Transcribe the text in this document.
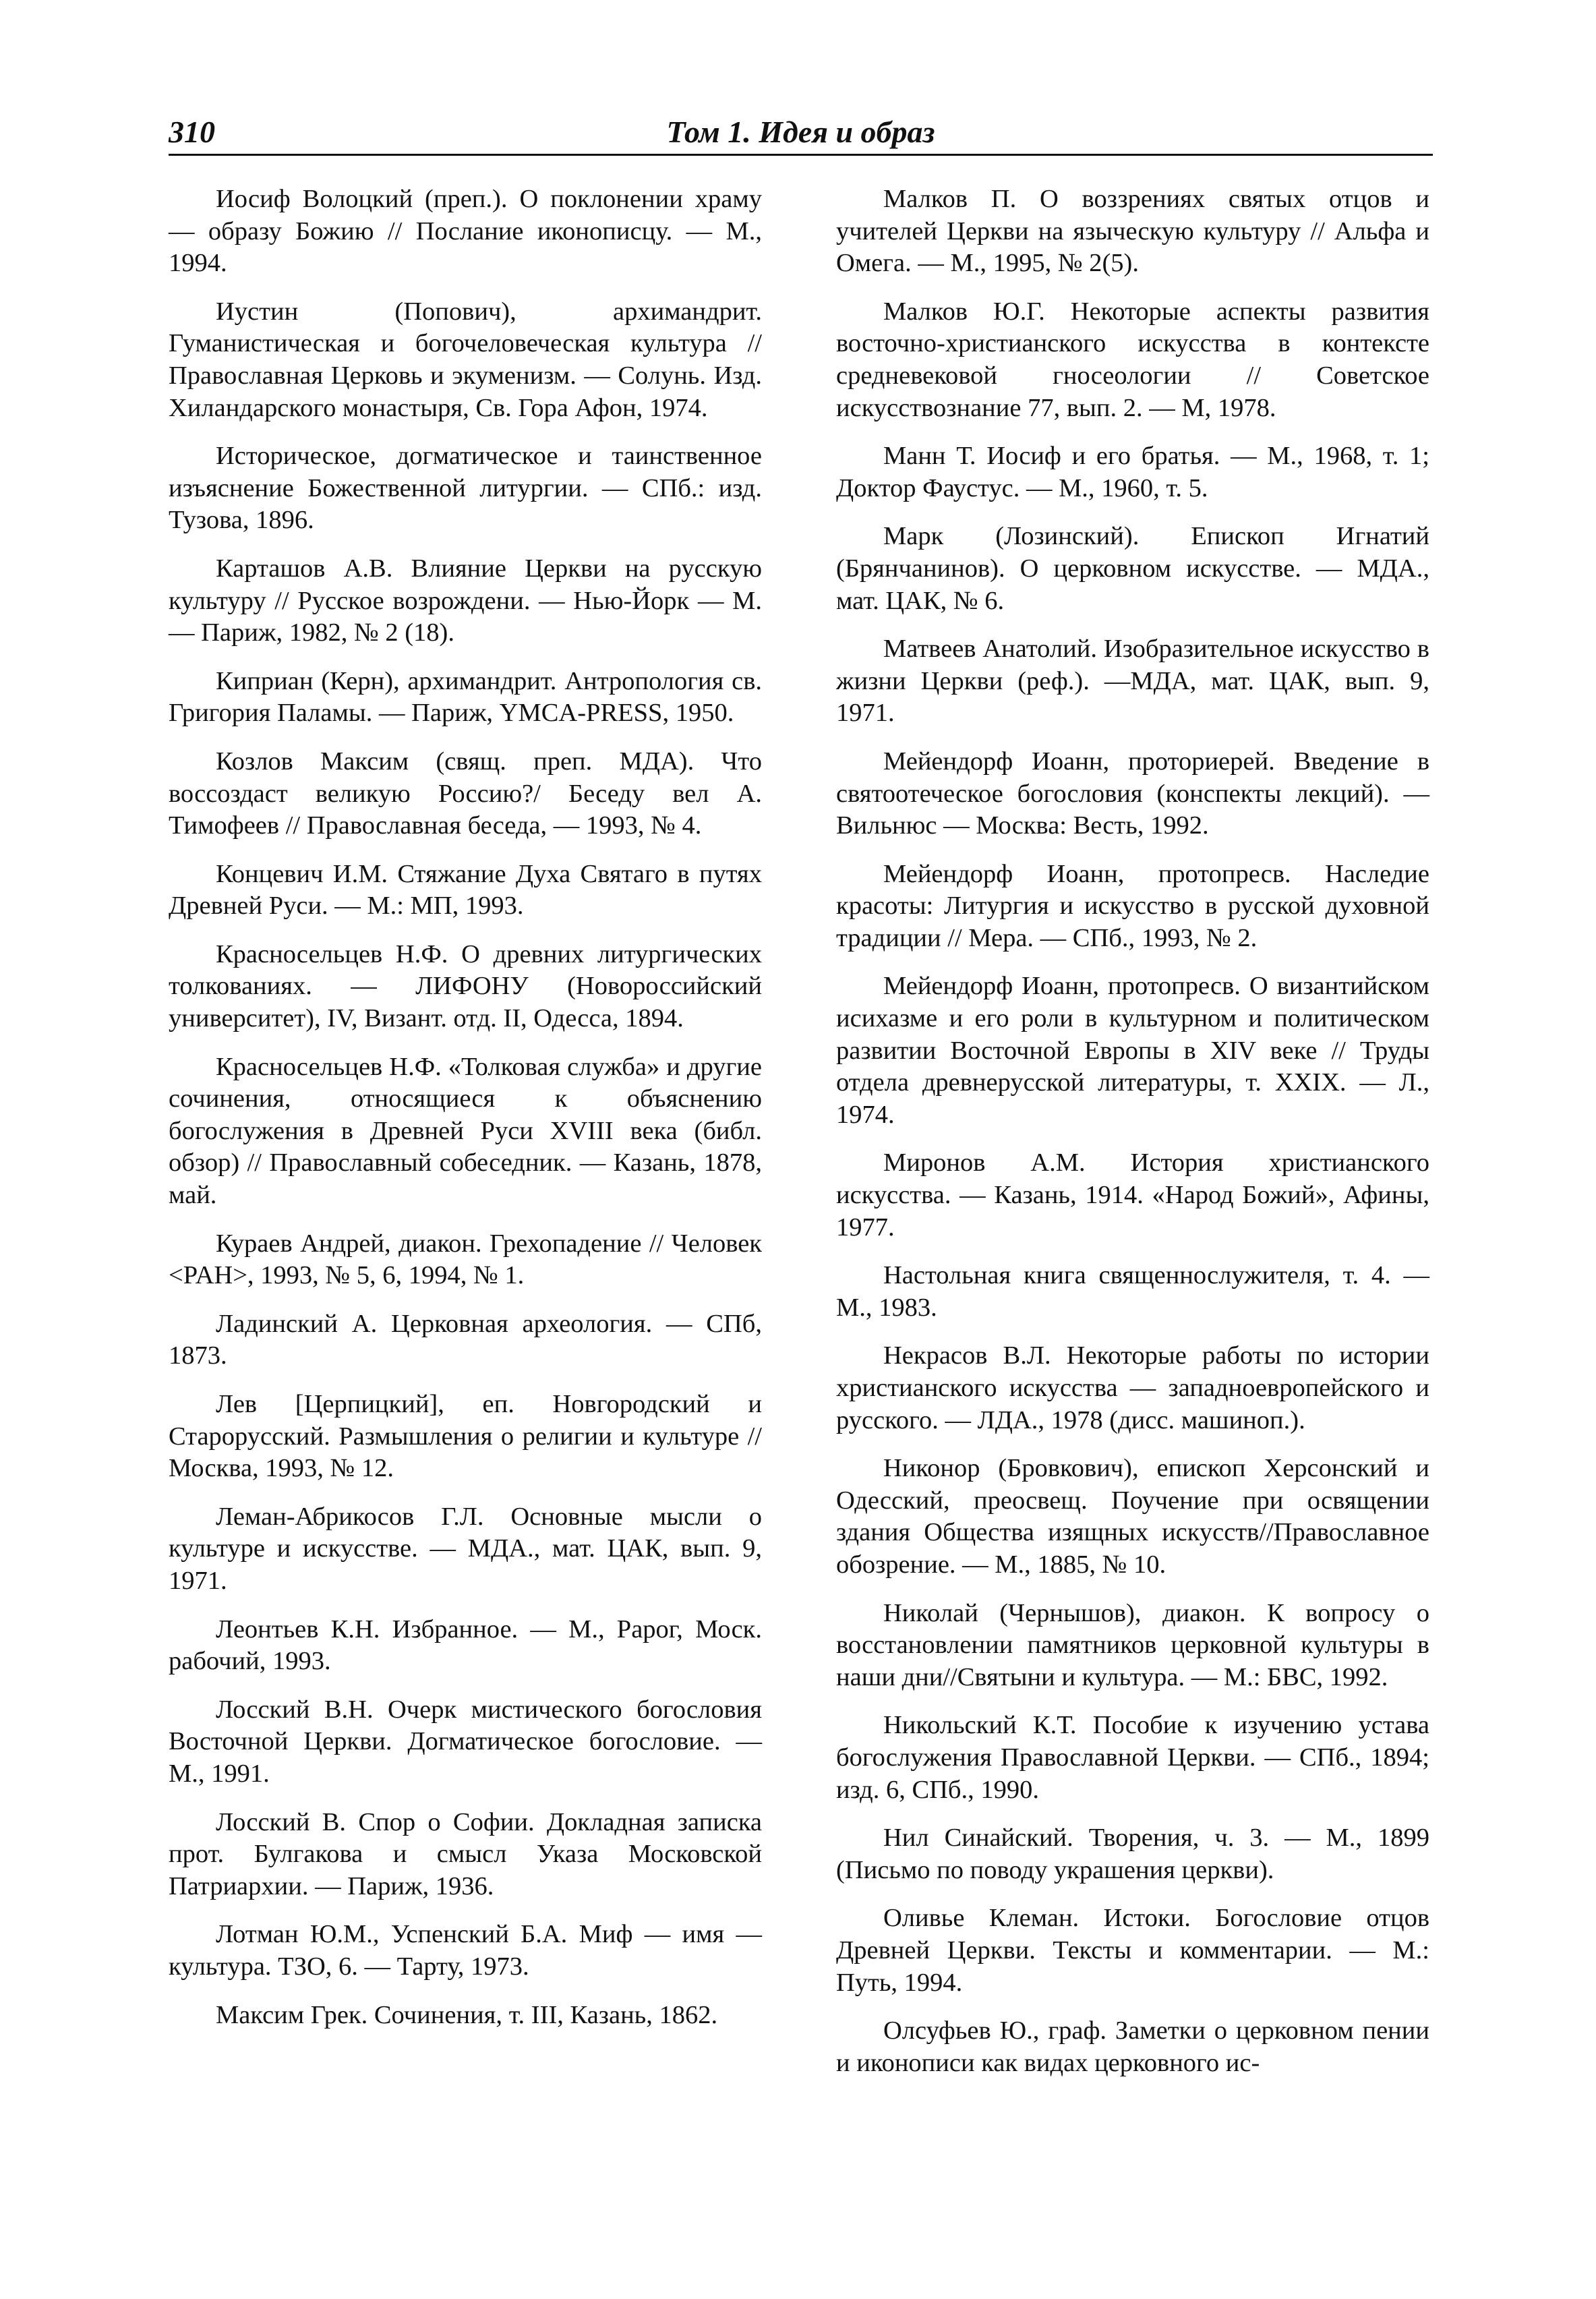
310	Том 1. Идея и образ

Иосиф Волоцкий (преп.). О поклонении храму — образу Божию // Послание иконописцу. — М., 1994.

Иустин (Попович), архимандрит. Гуманистическая и богочеловеческая культура // Православная Церковь и экуменизм. — Солунь. Изд. Хиландарского монастыря, Св. Гора Афон, 1974.

Историческое, догматическое и таинственное изъяснение Божественной литургии. — СПб.: изд. Тузова, 1896.

Карташов А.В. Влияние Церкви на русскую культуру // Русское возрождени. — Нью-Йорк — М. — Париж, 1982, № 2 (18).

Киприан (Керн), архимандрит. Антропология св. Григория Паламы. — Париж, YMCA-PRESS, 1950.

Козлов Максим (свящ. преп. МДА). Что воссоздаст великую Россию?/ Беседу вел А. Тимофеев // Православная беседа, — 1993, № 4.

Концевич И.М. Стяжание Духа Святаго в путях Древней Руси. — М.: МП, 1993.

Красносельцев Н.Ф. О древних литургических толкованиях. — ЛИФОНУ (Новороссийский университет), IV, Визант. отд. II, Одесса, 1894.

Красносельцев Н.Ф. «Толковая служба» и другие сочинения, относящиеся к объяснению богослужения в Древней Руси XVIII века (библ. обзор) // Православный собеседник. — Казань, 1878, май.

Кураев Андрей, диакон. Грехопадение // Человек <PAH>, 1993, № 5, 6, 1994, № 1.

Ладинский А. Церковная археология. — СПб, 1873.

Лев [Церпицкий], еп. Новгородский и Старорусский. Размышления о религии и культуре // Москва, 1993, № 12.

Леман-Абрикосов Г.Л. Основные мысли о культуре и искусстве. — МДА., мат. ЦАК, вып. 9, 1971.

Леонтьев К.Н. Избранное. — М., Рарог, Моск. рабочий, 1993.

Лосский В.Н. Очерк мистического богословия Восточной Церкви. Догматическое богословие. — М., 1991.

Лосский В. Спор о Софии. Докладная записка прот. Булгакова и смысл Указа Московской Патриархии. — Париж, 1936.

Лотман Ю.М., Успенский Б.А. Миф — имя — культура. ТЗО, 6. — Тарту, 1973.

Максим Грек. Сочинения, т. III, Казань, 1862.

Малков П. О воззрениях святых отцов и учителей Церкви на языческую культуру // Альфа и Омега. — М., 1995, № 2(5).

Малков Ю.Г. Некоторые аспекты развития восточно-христианского искусства в контексте средневековой гносеологии // Советское искусствознание 77, вып. 2. — М, 1978.

Манн Т. Иосиф и его братья. — М., 1968, т. 1; Доктор Фаустус. — М., 1960, т. 5.

Марк (Лозинский). Епископ Игнатий (Брянчанинов). О церковном искусстве. — МДА., мат. ЦАК, № 6.

Матвеев Анатолий. Изобразительное искусство в жизни Церкви (реф.). —МДА, мат. ЦАК, вып. 9, 1971.

Мейендорф Иоанн, проториерей. Введение в святоотеческое богословия (конспекты лекций). — Вильнюс — Москва: Весть, 1992.

Мейендорф Иоанн, протопресв. Наследие красоты: Литургия и искусство в русской духовной традиции // Мера. — СПб., 1993, № 2.

Мейендорф Иоанн, протопресв. О византийском исихазме и его роли в культурном и политическом развитии Восточной Европы в XIV веке // Труды отдела древнерусской литературы, т. XXIX. — Л., 1974.

Миронов А.М. История христианского искусства. — Казань, 1914. «Народ Божий», Афины, 1977.

Настольная книга священнослужителя, т. 4. — М., 1983.

Некрасов В.Л. Некоторые работы по истории христианского искусства — западноевропейского и русского. — ЛДА., 1978 (дисс. машиноп.).

Никонор (Бровкович), епископ Херсонский и Одесский, преосвещ. Поучение при освящении здания Общества изящных искусств//Православное обозрение. — М., 1885, № 10.

Николай (Чернышов), диакон. К вопросу о восстановлении памятников церковной культуры в наши дни//Святыни и культура. — М.: БВС, 1992.

Никольский К.Т. Пособие к изучению устава богослужения Православной Церкви. — СПб., 1894; изд. 6, СПб., 1990.

Нил Синайский. Творения, ч. 3. — М., 1899 (Письмо по поводу украшения церкви).

Оливье Клеман. Истоки. Богословие отцов Древней Церкви. Тексты и комментарии. — М.: Путь, 1994.

Олсуфьев Ю., граф. Заметки о церковном пении и иконописи как видах церковного ис-
